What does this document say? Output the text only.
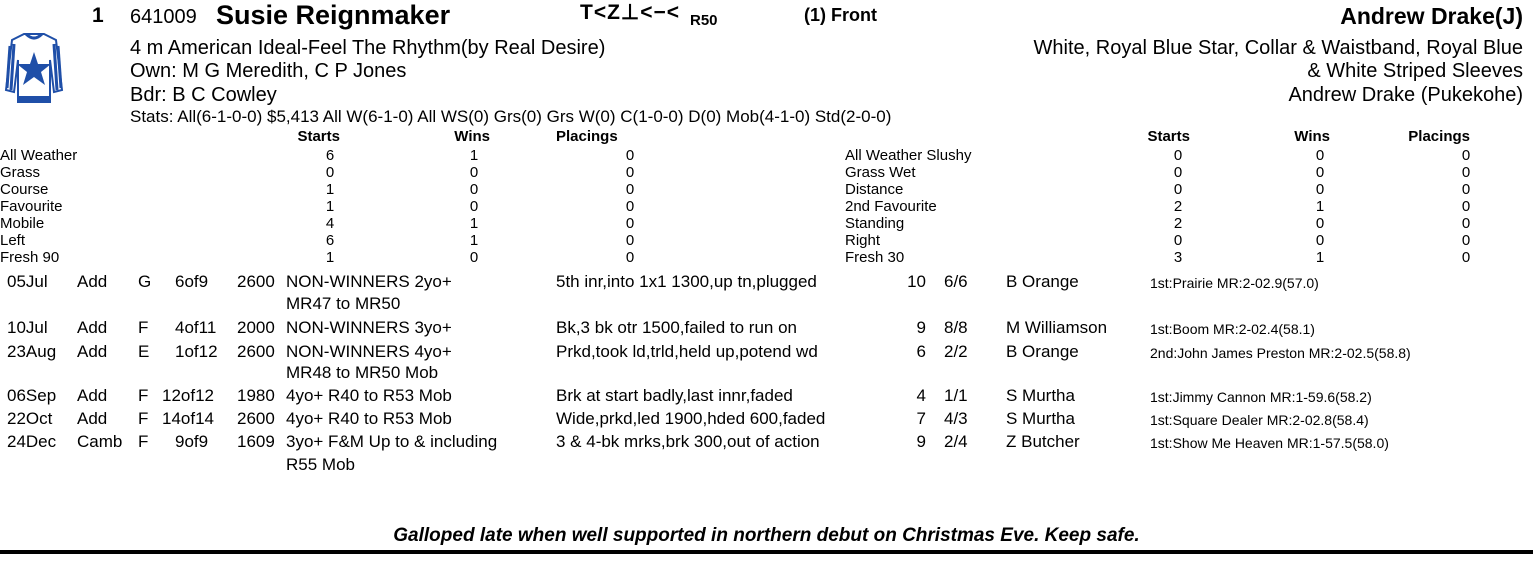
1 641009 Susie Reignmaker	T<Z⊥<−< R50	(1) Front	Andrew Drake(J)
4 m American Ideal-Feel The Rhythm(by Real Desire)
Own: M G Meredith, C P Jones
Bdr: B C Cowley
White, Royal Blue Star, Collar & Waistband, Royal Blue
& White Striped Sleeves
Andrew Drake (Pukekohe)
Stats: All(6-1-0-0) $5,413 All W(6-1-0) All WS(0) Grs(0) Grs W(0) C(1-0-0) D(0) Mob(4-1-0) Std(2-0-0)
Starts	Wins	Placings	Starts	Wins	Placings
All Weather	6	1	0
Grass	0	0	0
Course	1	0	0
Favourite	1	0	0
Mobile	4	1	0
Left	6	1	0
Fresh 90	1	0	0
All Weather Slushy	0	0	0
Grass Wet	0	0	0
Distance	0	0	0
2nd Favourite	2	1	0
Standing	2	0	0
Right	0	0	0
Fresh 30	3	1	0
05Jul Add G 6of9 2600 NON-WINNERS 2yo+
MR47 to MR50
5th inr,into 1x1 1300,up tn,plugged	10 6/6 B Orange	1st:Prairie MR:2-02.9(57.0)
10Jul Add F 4of11 2000 NON-WINNERS 3yo+	Bk,3 bk otr 1500,failed to run on	9 8/8 M Williamson	1st:Boom MR:2-02.4(58.1)
23Aug Add E 1of12 2600 NON-WINNERS 4yo+
MR48 to MR50 Mob
Prkd,took ld,trld,held up,potend wd	6 2/2 B Orange	2nd:John James Preston MR:2-02.5(58.8)
06Sep Add F 12of12 1980 4yo+ R40 to R53 Mob	Brk at start badly,last innr,faded	4 1/1 S Murtha	1st:Jimmy Cannon MR:1-59.6(58.2)
22Oct Add F 14of14 2600 4yo+ R40 to R53 Mob	Wide,prkd,led 1900,hded 600,faded	7 4/3 S Murtha	1st:Square Dealer MR:2-02.8(58.4)
24Dec Camb F 9of9 1609 3yo+ F&M Up to & including
R55 Mob
3 & 4-bk mrks,brk 300,out of action	9 2/4 Z Butcher	1st:Show Me Heaven MR:1-57.5(58.0)
Galloped late when well supported in northern debut on Christmas Eve. Keep safe.
